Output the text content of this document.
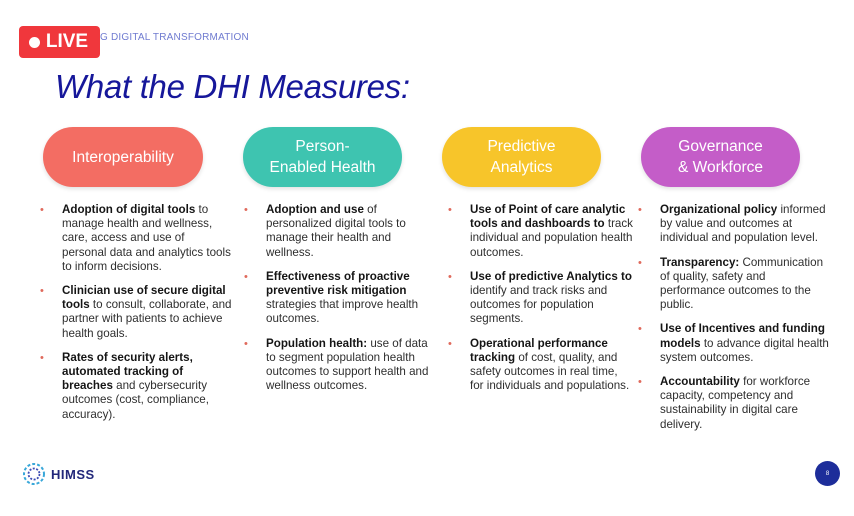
LIVE G DIGITAL TRANSFORMATION
What the DHI Measures:
Interoperability
Person-
Enabled Health
Predictive
Analytics
Governance
& Workforce
• Adoption of digital tools to manage health and wellness, care, access and use of personal data and analytics tools to inform decisions.
• Clinician use of secure digital tools to consult, collaborate, and partner with patients to achieve health goals.
• Rates of security alerts, automated tracking of breaches and cybersecurity outcomes (cost, compliance, accuracy).
• Adoption and use of personalized digital tools to manage their health and wellness.
• Effectiveness of proactive preventive risk mitigation strategies that improve health outcomes.
• Population health: use of data to segment population health outcomes to support health and wellness outcomes.
• Use of Point of care analytic tools and dashboards to track individual and population health outcomes.
• Use of predictive Analytics to identify and track risks and outcomes for population segments.
• Operational performance tracking of cost, quality, and safety outcomes in real time, for individuals and populations.
• Organizational policy informed by value and outcomes at individual and population level.
• Transparency: Communication of quality, safety and performance outcomes to the public.
• Use of Incentives and funding models to advance digital health system outcomes.
• Accountability for workforce capacity, competency and sustainability in digital care delivery.
HIMSS	8
